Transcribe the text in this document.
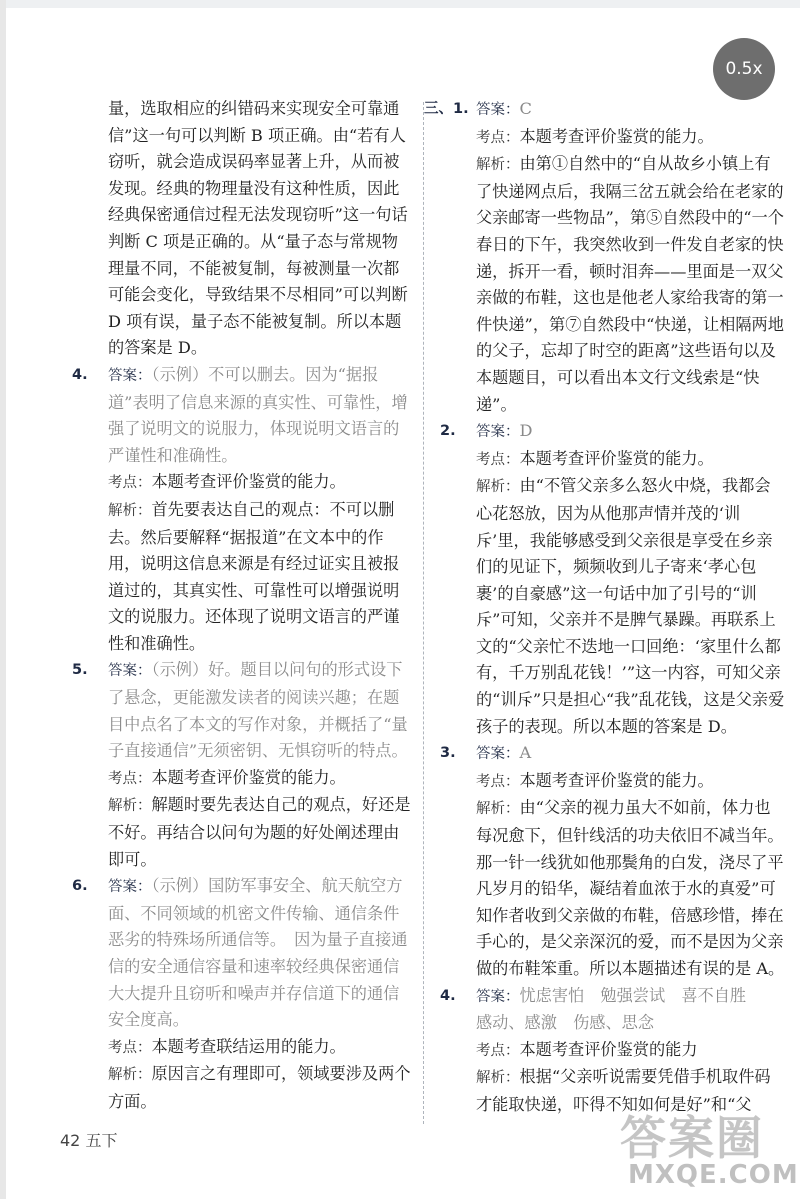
0.5x
量，选取相应的纠错码来实现安全可靠通信”这一句可以判断 B 项正确。由“若有人窃听，就会造成误码率显著上升，从而被发现。经典的物理量没有这种性质，因此经典保密通信过程无法发现窃听”这一句话判断 C 项是正确的。从“量子态与常规物理量不同，不能被复制，每被测量一次都可能会变化，导致结果不尽相同”可以判断 D 项有误，量子态不能被复制。所以本题的答案是 D。
4.	答案：（示例）不可以删去。因为“据报道”表明了信息来源的真实性、可靠性，增强了说明文的说服力，体现说明文语言的严谨性和准确性。
考点：本题考查评价鉴赏的能力。
解析：首先要表达自己的观点：不可以删去。然后要解释“据报道”在文本中的作用，说明这信息来源是有经过证实且被报道过的，其真实性、可靠性可以增强说明文的说服力。还体现了说明文语言的严谨性和准确性。
5.	答案：（示例）好。题目以问句的形式设下了悬念，更能激发读者的阅读兴趣；在题目中点名了本文的写作对象，并概括了“量子直接通信”无须密钥、无惧窃听的特点。
考点：本题考查评价鉴赏的能力。
解析：解题时要先表达自己的观点，好还是不好。再结合以问句为题的好处阐述理由即可。
6.	答案：（示例）国防军事安全、航天航空方面、不同领域的机密文件传输、通信条件恶劣的特殊场所通信等。　因为量子直接通信的安全通信容量和速率较经典保密通信大大提升且窃听和噪声并存信道下的通信安全度高。
考点：本题考查联结运用的能力。
解析：原因言之有理即可，领域要涉及两个方面。
三、1. 答案：C
考点：本题考查评价鉴赏的能力。
解析：由第①自然中的“自从故乡小镇上有了快递网点后，我隔三岔五就会给在老家的父亲邮寄一些物品”，第⑤自然段中的“一个春日的下午，我突然收到一件发自老家的快递，拆开一看，顿时泪奔——里面是一双父亲做的布鞋，这也是他老人家给我寄的第一件快递”，第⑦自然段中“快递，让相隔两地的父子，忘却了时空的距离”这些语句以及本题题目，可以看出本文行文线索是“快递”。
2.	答案：D
考点：本题考查评价鉴赏的能力。
解析：由“不管父亲多么怒火中烧，我都会心花怒放，因为从他那声情并茂的‘训斥’里，我能够感受到父亲很是享受在乡亲们的见证下，频频收到儿子寄来‘孝心包裹’的自豪感”这一句话中加了引号的“训斥”可知，父亲并不是脾气暴躁。再联系上文的“父亲忙不迭地一口回绝：‘家里什么都有，千万别乱花钱！’”这一内容，可知父亲的“训斥”只是担心“我”乱花钱，这是父亲爱孩子的表现。所以本题的答案是 D。
3.	答案：A
考点：本题考查评价鉴赏的能力。
解析：由“父亲的视力虽大不如前，体力也每况愈下，但针线活的功夫依旧不减当年。那一针一线犹如他那鬓角的白发，浇尽了平凡岁月的铅华，凝结着血浓于水的真爱”可知作者收到父亲做的布鞋，倍感珍惜，捧在手心的，是父亲深沉的爱，而不是因为父亲做的布鞋笨重。所以本题描述有误的是 A。
4.	答案：忧虑害怕　勉强尝试　喜不自胜
感动、感激　伤感、思念
考点：本题考查评价鉴赏的能力
解析：根据“父亲听说需要凭借手机取件码才能取快递，吓得不知如何是好”和“父
42 五下	答案圈
MXQE.COM
